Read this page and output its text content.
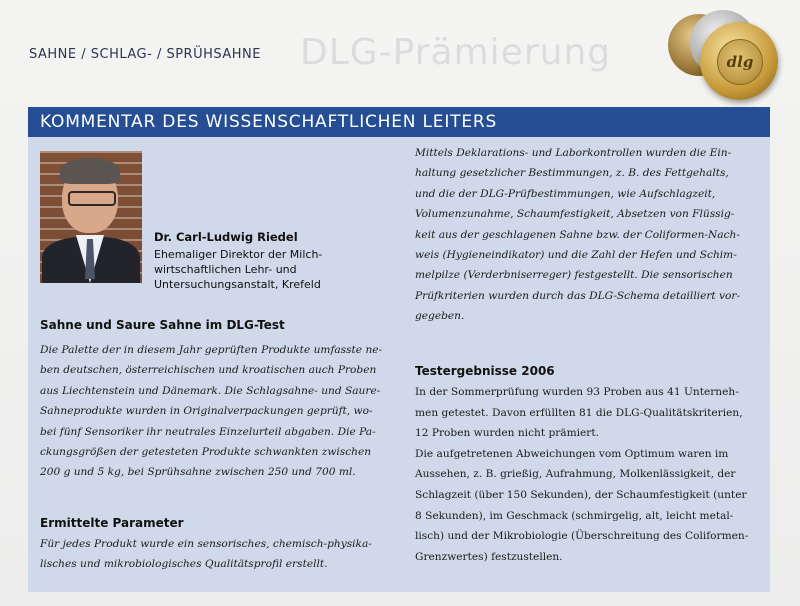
SAHNE / SCHLAG- / SPRÜHSAHNE DLG-Prämierung	dlg
KOMMENTAR DES WISSENSCHAFTLICHEN LEITERS
Dr. Carl-Ludwig Riedel
Ehemaliger Direktor der Milch-
wirtschaftlichen Lehr- und
Untersuchungsanstalt, Krefeld
Sahne und Saure Sahne im DLG-Test
Die Palette der in diesem Jahr geprüften Produkte umfasste ne-
ben deutschen, österreichischen und kroatischen auch Proben
aus Liechtenstein und Dänemark. Die Schlagsahne- und Saure-
Sahneprodukte wurden in Originalverpackungen geprüft, wo-
bei fünf Sensoriker ihr neutrales Einzelurteil abgaben. Die Pa-
ckungsgrößen der getesteten Produkte schwankten zwischen
200 g und 5 kg, bei Sprühsahne zwischen 250 und 700 ml.
Ermittelte Parameter
Für jedes Produkt wurde ein sensorisches, chemisch-physika-
lisches und mikrobiologisches Qualitätsprofil erstellt.
Mittels Deklarations- und Laborkontrollen wurden die Ein-
haltung gesetzlicher Bestimmungen, z. B. des Fettgehalts,
und die der DLG-Prüfbestimmungen, wie Aufschlagzeit,
Volumenzunahme, Schaumfestigkeit, Absetzen von Flüssig-
keit aus der geschlagenen Sahne bzw. der Coliformen-Nach-
weis (Hygieneindikator) und die Zahl der Hefen und Schim-
melpilze (Verderbniserreger) festgestellt. Die sensorischen
Prüfkriterien wurden durch das DLG-Schema detailliert vor-
gegeben.
Testergebnisse 2006
In der Sommerprüfung wurden 93 Proben aus 41 Unterneh-
men getestet. Davon erfüllten 81 die DLG-Qualitätskriterien,
12 Proben wurden nicht prämiert.
Die aufgetretenen Abweichungen vom Optimum waren im
Aussehen, z. B. grießig, Aufrahmung, Molkenlässigkeit, der
Schlagzeit (über 150 Sekunden), der Schaumfestigkeit (unter
8 Sekunden), im Geschmack (schmirgelig, alt, leicht metal-
lisch) und der Mikrobiologie (Überschreitung des Coliformen-
Grenzwertes) festzustellen.
